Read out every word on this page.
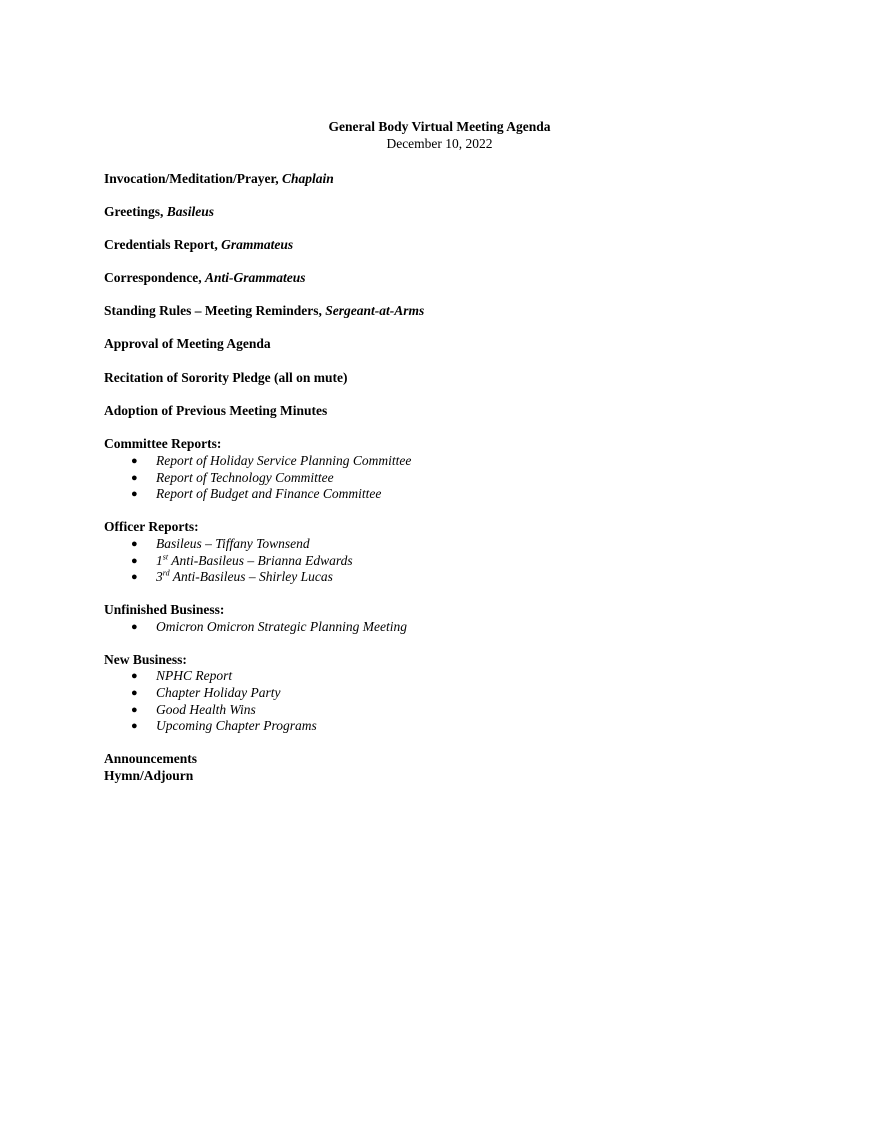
General Body Virtual Meeting Agenda
December 10, 2022

Invocation/Meditation/Prayer, Chaplain

Greetings, Basileus

Credentials Report, Grammateus

Correspondence, Anti-Grammateus

Standing Rules – Meeting Reminders, Sergeant-at-Arms

Approval of Meeting Agenda

Recitation of Sorority Pledge (all on mute)

Adoption of Previous Meeting Minutes

Committee Reports:

● Report of Holiday Service Planning Committee
● Report of Technology Committee
● Report of Budget and Finance Committee

Officer Reports:

● Basileus – Tiffany Townsend
● 1st Anti-Basileus – Brianna Edwards
● 3rd Anti-Basileus – Shirley Lucas

Unfinished Business:

● Omicron Omicron Strategic Planning Meeting

New Business:

● NPHC Report
● Chapter Holiday Party
● Good Health Wins
● Upcoming Chapter Programs

Announcements

Hymn/Adjourn
